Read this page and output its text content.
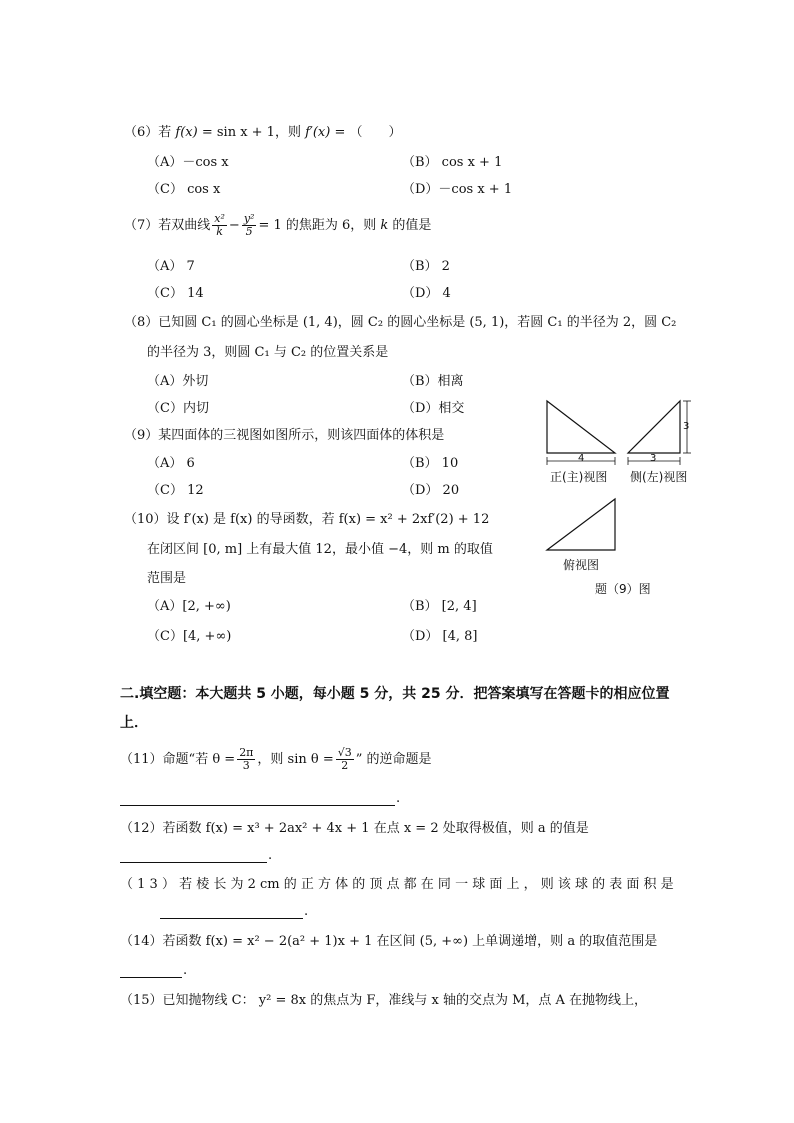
（6）若 f(x) = sin x + 1，则 f′(x) = （　　）
（A）－cos x	（B） cos x + 1
（C） cos x	（D）－cos x + 1
（7）若双曲线 $\frac{\text{x²}}{k} - \frac{\text{y²}}{5} = 1$ 的焦距为 6，则 k 的值是
（A） 7	（B） 2
（C） 14	（D） 4
（8）已知圆 C₁ 的圆心坐标是 (1, 4)，圆 C₂ 的圆心坐标是 (5, 1)，若圆 C₁ 的半径为 2，圆 C₂
的半径为 3，则圆 C₁ 与 C₂ 的位置关系是
（A）外切	（B）相离
（C）内切	（D）相交
（9）某四面体的三视图如图所示，则该四面体的体积是
（A） 6	（B） 10
（C） 12	（D） 20
（10）设 f′(x) 是 f(x) 的导函数，若 f(x) = x² + 2xf′(2) + 12
在闭区间 [0, m] 上有最大值 12，最小值 −4，则 m 的取值
范围是
（A）[2, +∞)	（B） [2, 4]
（C）[4, +∞)	（D） [4, 8]
4	3
3
正(主)视图 侧(左)视图
俯视图
题（9）图
二.填空题：本大题共 5 小题，每小题 5 分，共 25 分．把答案填写在答题卡的相应位置
上．
（11）命题“若 $\theta = \frac{2\pi}{3}$ ，则 $\sin \theta = \frac{√3}{2}$ ” 的逆命题是
.
（12）若函数 f(x) = x³ + 2ax² + 4x + 1 在点 x = 2 处取得极值，则 a 的值是
.
（ 1 3 ） 若 棱 长 为 2 cm 的 正 方 体 的 顶 点 都 在 同 一 球 面 上 ， 则 该 球 的 表 面 积 是
.
（14）若函数 f(x) = x² − 2(a² + 1)x + 1 在区间 (5, +∞) 上单调递增，则 a 的取值范围是
.
（15）已知抛物线 C： y² = 8x 的焦点为 F，准线与 x 轴的交点为 M，点 A 在抛物线上，
